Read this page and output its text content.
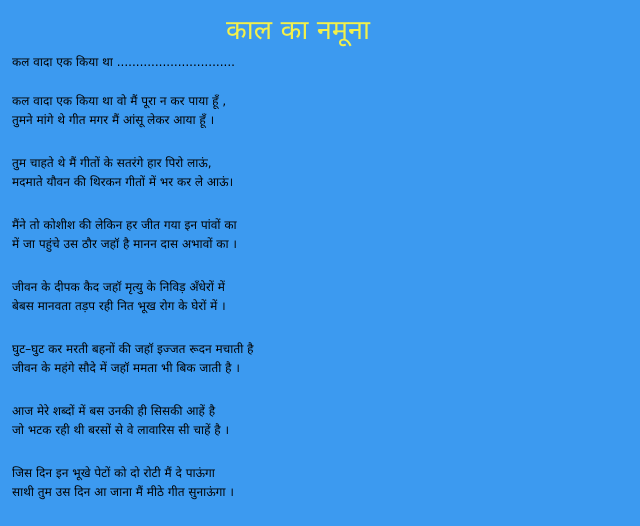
काल का नमूना
कल वादा एक किया था ...............................
कल वादा एक किया था वो मैं पूरा न कर पाया हूँ ,
तुमने मांगे थे गीत मगर मैं आंसू लेकर आया हूँ ।
तुम चाहते थे मैं गीतों के सतरंगे हार पिरो लाऊं,
मदमाते यौवन की थिरकन गीतों में भर कर ले आऊं।
मैंने तो कोशीश की लेकिन हर जीत गया इन पांवों का
में जा पहुंचे उस ठौर जहॉ है मानन दास अभावों का ।
जीवन के दीपक कैद जहॉ मृत्यु के निविड़ अँधेरों में
बेबस मानवता तड़प रही नित भूख रोग के घेरों में ।
घुट–घुट कर मरती बहनों की जहॉ इज्जत रूदन मचाती है
जीवन के महंगे सौदे में जहॉ ममता भी बिक जाती है ।
आज मेरे शब्दों में बस उनकी ही सिसकी आहें है
जो भटक रही थी बरसों से वे लावारिस सी चाहें है ।
जिस दिन इन भूखे पेटों को दो रोटी मैं दे पाऊंगा
साथी तुम उस दिन आ जाना मैं मीठे गीत सुनाऊंगा ।
